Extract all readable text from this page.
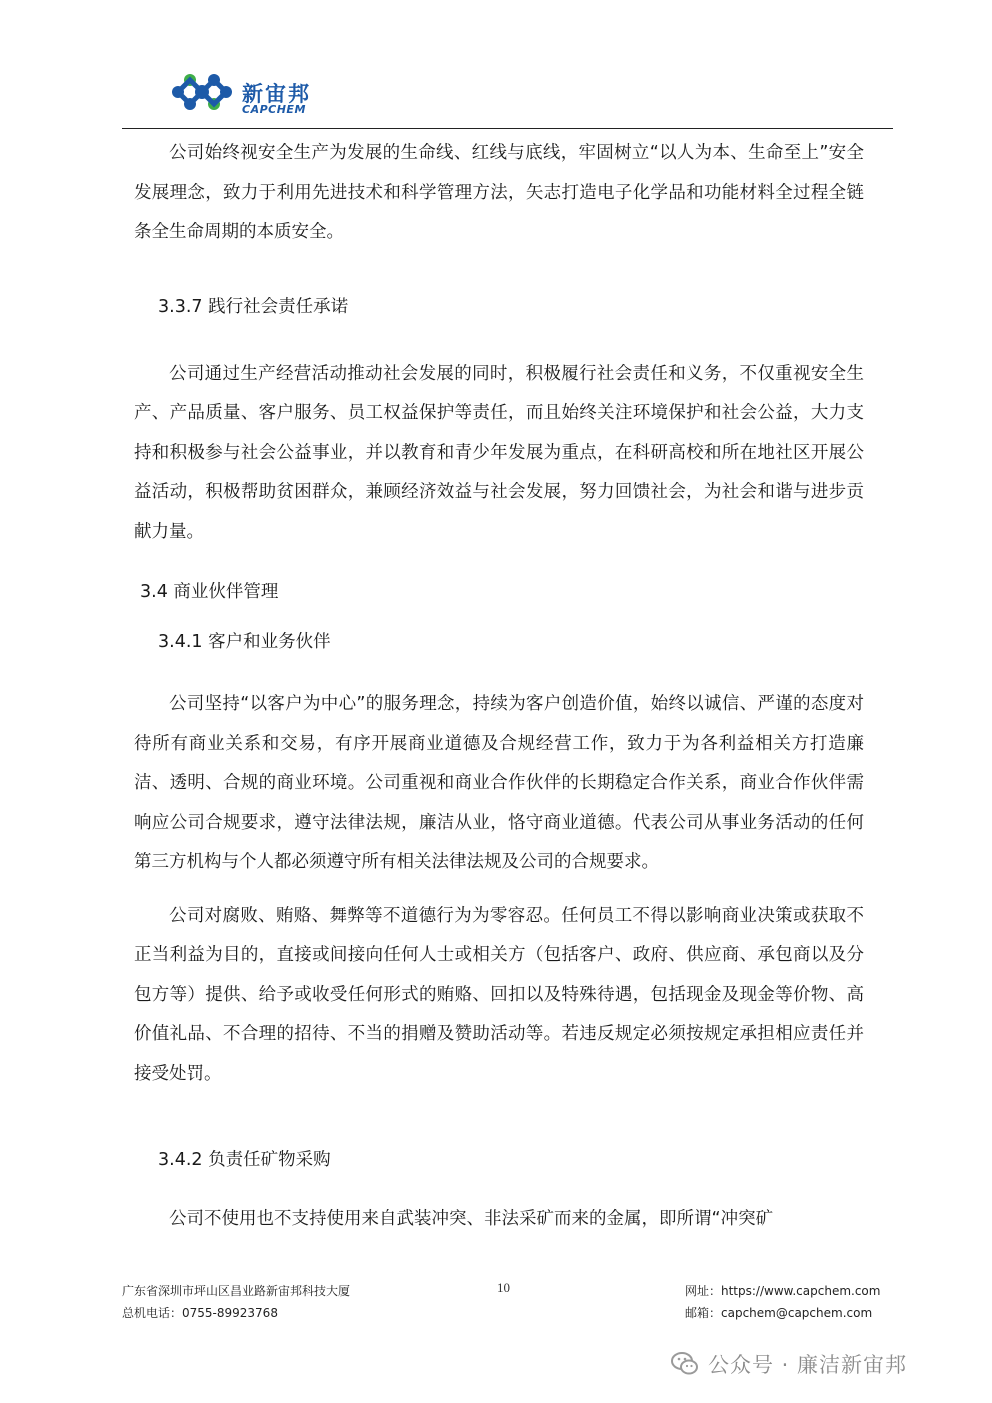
新宙邦
CAPCHEM

公司始终视安全生产为发展的生命线、红线与底线，牢固树立“以人为本、生命至上”安全发展理念，致力于利用先进技术和科学管理方法，矢志打造电子化学品和功能材料全过程全链条全生命周期的本质安全。

3.3.7 践行社会责任承诺

公司通过生产经营活动推动社会发展的同时，积极履行社会责任和义务，不仅重视安全生产、产品质量、客户服务、员工权益保护等责任，而且始终关注环境保护和社会公益，大力支持和积极参与社会公益事业，并以教育和青少年发展为重点，在科研高校和所在地社区开展公益活动，积极帮助贫困群众，兼顾经济效益与社会发展，努力回馈社会，为社会和谐与进步贡献力量。

3.4 商业伙伴管理

3.4.1 客户和业务伙伴

公司坚持“以客户为中心”的服务理念，持续为客户创造价值，始终以诚信、严谨的态度对待所有商业关系和交易，有序开展商业道德及合规经营工作，致力于为各利益相关方打造廉洁、透明、合规的商业环境。公司重视和商业合作伙伴的长期稳定合作关系，商业合作伙伴需响应公司合规要求，遵守法律法规，廉洁从业，恪守商业道德。代表公司从事业务活动的任何第三方机构与个人都必须遵守所有相关法律法规及公司的合规要求。

公司对腐败、贿赂、舞弊等不道德行为为零容忍。任何员工不得以影响商业决策或获取不正当利益为目的，直接或间接向任何人士或相关方（包括客户、政府、供应商、承包商以及分包方等）提供、给予或收受任何形式的贿赂、回扣以及特殊待遇，包括现金及现金等价物、高价值礼品、不合理的招待、不当的捐赠及赞助活动等。若违反规定必须按规定承担相应责任并接受处罚。

3.4.2 负责任矿物采购

公司不使用也不支持使用来自武装冲突、非法采矿而来的金属，即所谓“冲突矿

广东省深圳市坪山区昌业路新宙邦科技大厦
总机电话：0755-89923768
10	网址：https://www.capchem.com
邮箱：capchem@capchem.com
公众号 · 廉洁新宙邦
